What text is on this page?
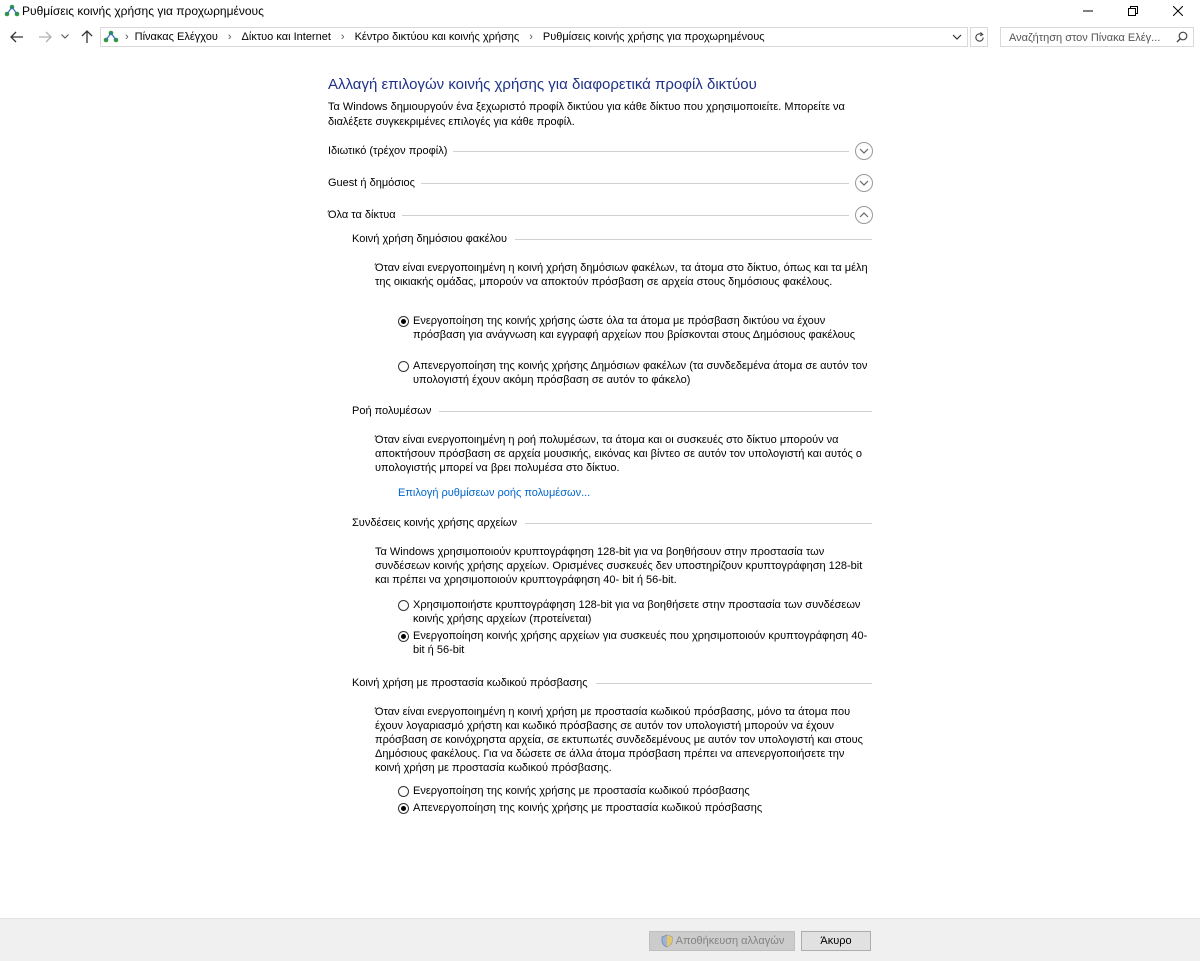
Ρυθμίσεις κοινής χρήσης για προχωρημένους
› Πίνακας Ελέγχου › Δίκτυο και Internet › Κέντρο δικτύου και κοινής χρήσης › Ρυθμίσεις κοινής χρήσης για προχωρημένους
Αναζήτηση στον Πίνακα Ελέγ...
Αλλαγή επιλογών κοινής χρήσης για διαφορετικά προφίλ δικτύου
Τα Windows δημιουργούν ένα ξεχωριστό προφίλ δικτύου για κάθε δίκτυο που χρησιμοποιείτε. Μπορείτε να διαλέξετε συγκεκριμένες επιλογές για κάθε προφίλ.
Ιδιωτικό (τρέχον προφίλ)
Guest ή δημόσιος
Όλα τα δίκτυα
Κοινή χρήση δημόσιου φακέλου
Όταν είναι ενεργοποιημένη η κοινή χρήση δημόσιων φακέλων, τα άτομα στο δίκτυο, όπως και τα μέλη της οικιακής ομάδας, μπορούν να αποκτούν πρόσβαση σε αρχεία στους δημόσιους φακέλους.
Ενεργοποίηση της κοινής χρήσης ώστε όλα τα άτομα με πρόσβαση δικτύου να έχουν πρόσβαση για ανάγνωση και εγγραφή αρχείων που βρίσκονται στους Δημόσιους φακέλους
Απενεργοποίηση της κοινής χρήσης Δημόσιων φακέλων (τα συνδεδεμένα άτομα σε αυτόν τον υπολογιστή έχουν ακόμη πρόσβαση σε αυτόν το φάκελο)
Ροή πολυμέσων
Όταν είναι ενεργοποιημένη η ροή πολυμέσων, τα άτομα και οι συσκευές στο δίκτυο μπορούν να αποκτήσουν πρόσβαση σε αρχεία μουσικής, εικόνας και βίντεο σε αυτόν τον υπολογιστή και αυτός ο υπολογιστής μπορεί να βρει πολυμέσα στο δίκτυο.
Επιλογή ρυθμίσεων ροής πολυμέσων...
Συνδέσεις κοινής χρήσης αρχείων
Τα Windows χρησιμοποιούν κρυπτογράφηση 128-bit για να βοηθήσουν στην προστασία των συνδέσεων κοινής χρήσης αρχείων. Ορισμένες συσκευές δεν υποστηρίζουν κρυπτογράφηση 128-bit και πρέπει να χρησιμοποιούν κρυπτογράφηση 40- bit ή 56-bit.
Χρησιμοποιήστε κρυπτογράφηση 128-bit για να βοηθήσετε στην προστασία των συνδέσεων κοινής χρήσης αρχείων (προτείνεται)
Ενεργοποίηση κοινής χρήσης αρχείων για συσκευές που χρησιμοποιούν κρυπτογράφηση 40-bit ή 56-bit
Κοινή χρήση με προστασία κωδικού πρόσβασης
Όταν είναι ενεργοποιημένη η κοινή χρήση με προστασία κωδικού πρόσβασης, μόνο τα άτομα που έχουν λογαριασμό χρήστη και κωδικό πρόσβασης σε αυτόν τον υπολογιστή μπορούν να έχουν πρόσβαση σε κοινόχρηστα αρχεία, σε εκτυπωτές συνδεδεμένους με αυτόν τον υπολογιστή και στους Δημόσιους φακέλους. Για να δώσετε σε άλλα άτομα πρόσβαση πρέπει να απενεργοποιήσετε την κοινή χρήση με προστασία κωδικού πρόσβασης.
Ενεργοποίηση της κοινής χρήσης με προστασία κωδικού πρόσβασης
Απενεργοποίηση της κοινής χρήσης με προστασία κωδικού πρόσβασης
Αποθήκευση αλλαγών	Άκυρο
